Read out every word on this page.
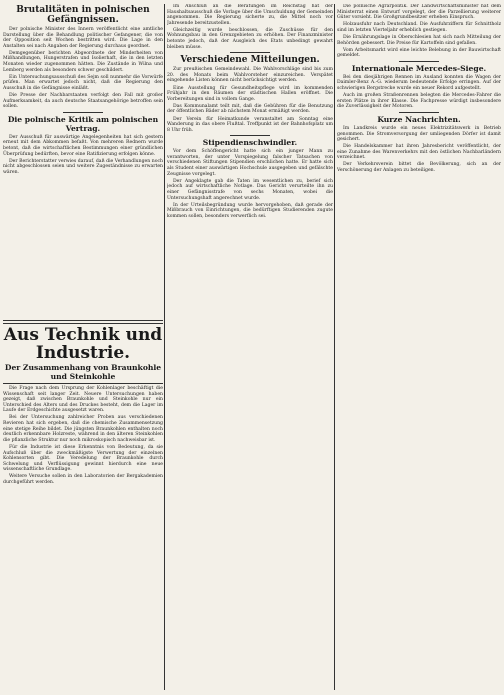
Brutalitäten in polnischen Gefängnissen.

Der polnische Minister des Innern veröffentlicht eine amtliche Darstellung über die Behandlung politischer Gefangener, die von der Opposition seit Wochen bestritten wird. Die Lage in den Anstalten sei nach Angaben der Regierung durchaus geordnet.

Demgegenüber berichten Abgeordnete der Minderheiten von Mißhandlungen, Hungerstrafen und Isolierhaft, die in den letzten Monaten wieder zugenommen hätten. Die Zustände in Wilna und Lemberg werden als besonders schwer geschildert.

Ein Untersuchungsausschuß des Sejm soll nunmehr die Vorwürfe prüfen. Man erwartet jedoch nicht, daß die Regierung den Ausschuß in die Gefängnisse einläßt.

Die Presse der Nachbarstaaten verfolgt den Fall mit großer Aufmerksamkeit, da auch deutsche Staatsangehörige betroffen sein sollen.

Die polnische Kritik am polnischen Vertrag.

Der Ausschuß für auswärtige Angelegenheiten hat sich gestern erneut mit dem Abkommen befaßt. Von mehreren Rednern wurde betont, daß die wirtschaftlichen Bestimmungen einer gründlichen Überprüfung bedürften, bevor eine Ratifizierung erfolgen könne.

Der Berichterstatter verwies darauf, daß die Verhandlungen noch nicht abgeschlossen seien und weitere Zugeständnisse zu erwarten wären.

Aus Technik und Industrie.
Der Zusammenhang von Braunkohle und Steinkohle

Die Frage nach dem Ursprung der Kohlenlager beschäftigt die Wissenschaft seit langer Zeit. Neuere Untersuchungen haben gezeigt, daß zwischen Braunkohle und Steinkohle nur ein Unterschied des Alters und des Druckes besteht, dem die Lager im Laufe der Erdgeschichte ausgesetzt waren.

Bei der Untersuchung zahlreicher Proben aus verschiedenen Revieren hat sich ergeben, daß die chemische Zusammensetzung eine stetige Reihe bildet. Die jüngsten Braunkohlen enthalten noch deutlich erkennbare Holzreste, während in den älteren Steinkohlen die pflanzliche Struktur nur noch mikroskopisch nachweisbar ist.

Für die Industrie ist diese Erkenntnis von Bedeutung, da sie Aufschluß über die zweckmäßigste Verwertung der einzelnen Kohlensorten gibt. Die Veredelung der Braunkohle durch Schwelung und Verflüssigung gewinnt hierdurch eine neue wissenschaftliche Grundlage.

Weitere Versuche sollen in den Laboratorien der Bergakademien durchgeführt werden.

Im Anschluß an die Beratungen im Reichstag hat der Haushaltsausschuß die Vorlage über die Umschuldung der Gemeinden angenommen. Die Regierung sicherte zu, die Mittel noch vor Jahresende bereitzustellen.

Gleichzeitig wurde beschlossen, die Zuschüsse für den Wohnungsbau in den Grenzgebieten zu erhöhen. Der Finanzminister betonte jedoch, daß der Ausgleich des Etats unbedingt gewahrt bleiben müsse.

Verschiedene Mitteilungen.

Zur preußischen Gemeindewahl. Die Wahlvorschläge sind bis zum 20. des Monats beim Wahlvorsteher einzureichen. Verspätet eingehende Listen können nicht berücksichtigt werden.

Eine Ausstellung für Gesundheitspflege wird im kommenden Frühjahr in den Räumen der städtischen Hallen eröffnet. Die Vorbereitungen sind in vollem Gange.

Das Kommunalamt teilt mit, daß die Gebühren für die Benutzung der öffentlichen Bäder ab nächstem Monat ermäßigt werden.

Der Verein für Heimatkunde veranstaltet am Sonntag eine Wanderung in das obere Flußtal. Treffpunkt ist der Bahnhofsplatz um 8 Uhr früh.

Stipendienschwindler.

Vor dem Schöffengericht hatte sich ein junger Mann zu verantworten, der unter Vorspiegelung falscher Tatsachen von verschiedenen Stiftungen Stipendien erschlichen hatte. Er hatte sich als Student einer auswärtigen Hochschule ausgegeben und gefälschte Zeugnisse vorgelegt.

Der Angeklagte gab die Taten im wesentlichen zu, berief sich jedoch auf wirtschaftliche Notlage. Das Gericht verurteilte ihn zu einer Gefängnisstrafe von sechs Monaten, wobei die Untersuchungshaft angerechnet wurde.

In der Urteilsbegründung wurde hervorgehoben, daß gerade der Mißbrauch von Einrichtungen, die bedürftigen Studierenden zugute kommen sollen, besonders verwerflich sei.

Die polnische Agrarpolitik. Der Landwirtschaftsminister hat dem Ministerrat einen Entwurf vorgelegt, der die Parzellierung weiterer Güter vorsieht. Die Großgrundbesitzer erheben Einspruch.

Holzausfuhr nach Deutschland. Die Ausfuhrziffern für Schnittholz sind im letzten Vierteljahr erheblich gestiegen.

Die Ernährungslage in Oberschlesien hat sich nach Mitteilung der Behörden gebessert. Die Preise für Kartoffeln sind gefallen.

Vom Arbeitsmarkt wird eine leichte Belebung in der Bauwirtschaft gemeldet.

Internationale Mercedes-Siege.

Bei den diesjährigen Rennen im Ausland konnten die Wagen der Daimler-Benz A.-G. wiederum bedeutende Erfolge erringen. Auf der schwierigen Bergstrecke wurde ein neuer Rekord aufgestellt.

Auch im großen Straßenrennen belegten die Mercedes-Fahrer die ersten Plätze in ihrer Klasse. Die Fachpresse würdigt insbesondere die Zuverlässigkeit der Motoren.

Kurze Nachrichten.

Im Landkreis wurde ein neues Elektrizitätswerk in Betrieb genommen. Die Stromversorgung der umliegenden Dörfer ist damit gesichert.

Die Handelskammer hat ihren Jahresbericht veröffentlicht, der eine Zunahme des Warenverkehrs mit den östlichen Nachbarländern verzeichnet.

Der Verkehrsverein bittet die Bevölkerung, sich an der Verschönerung der Anlagen zu beteiligen.
